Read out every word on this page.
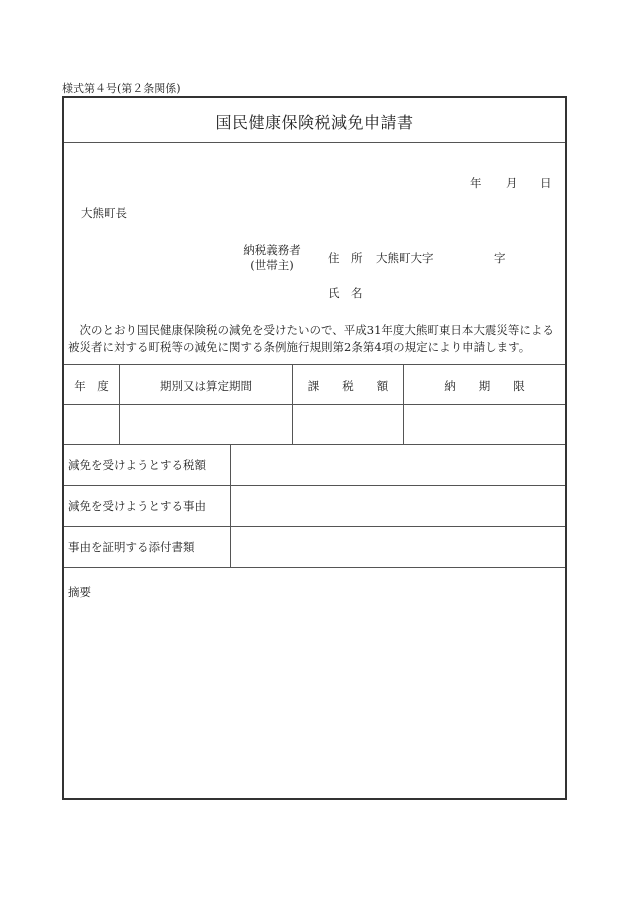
様式第４号(第２条関係)
国民健康保険税減免申請書
年 月 日
大熊町長
納税義務者
(世帯主)	住　所 大熊町大字	字
氏　名
　次のとおり国民健康保険税の減免を受けたいので、平成31年度大熊町東日本大震災等による被災者に対する町税等の減免に関する条例施行規則第2条第4項の規定により申請します。
年　度	期別又は算定期間	課　　税　　額	納　　期　　限
減免を受けようとする税額
減免を受けようとする事由
事由を証明する添付書類
摘要
